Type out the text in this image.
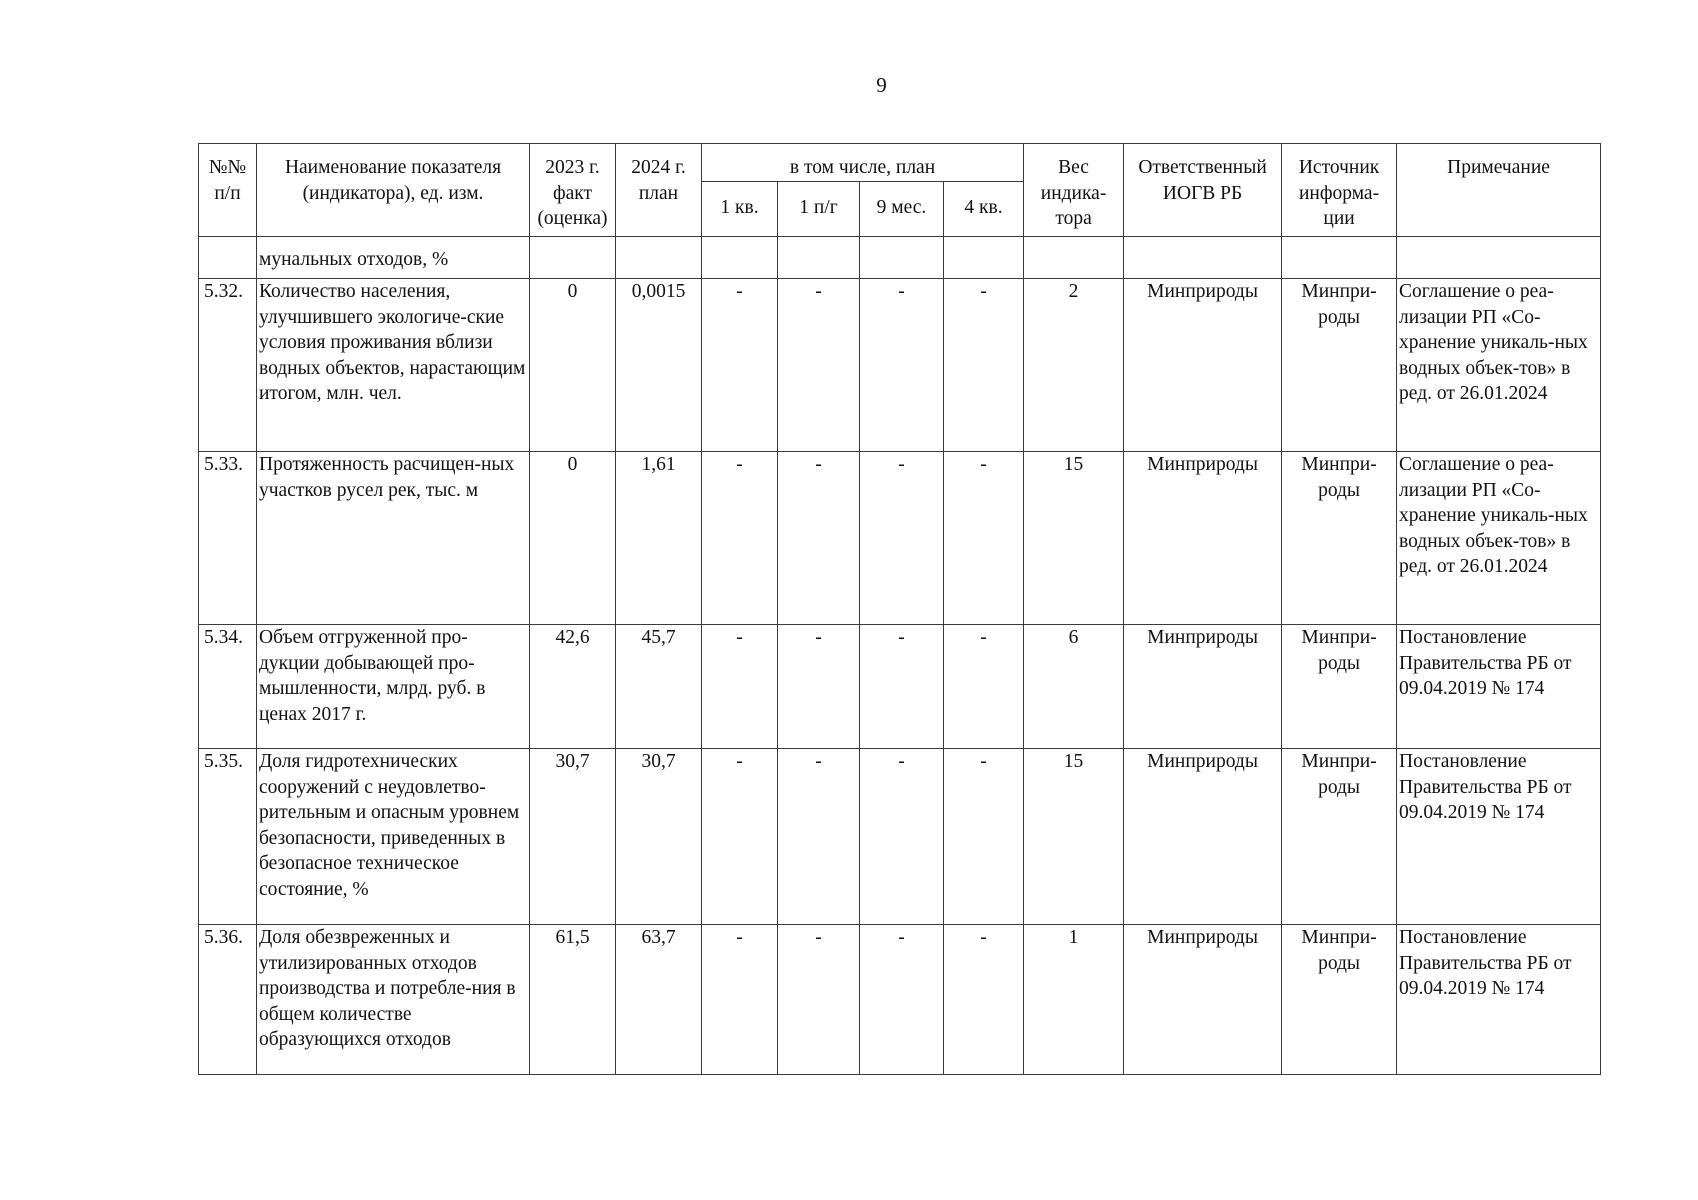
9
№№ п/п	Наименование показателя (индикатора), ед. изм.	2023 г. факт (оценка)	2024 г. план	в том числе, план				Вес индика-тора	Ответственный ИОГВ РБ	Источник информа-ции	Примечание
				1 кв.	1 п/г	9 мес.	4 кв.				
	мунальных отходов, %										
5.32.	Количество населения, улучшившего экологиче-ские условия проживания вблизи водных объектов, нарастающим итогом, млн. чел.	0	0,0015	-	-	-	-	2	Минприроды	Минпри-роды	Соглашение о реа-лизации РП «Со-хранение уникаль-ных водных объек-тов» в ред. от 26.01.2024
5.33.	Протяженность расчищен-ных участков русел рек, тыс. м	0	1,61	-	-	-	-	15	Минприроды	Минпри-роды	Соглашение о реа-лизации РП «Со-хранение уникаль-ных водных объек-тов» в ред. от 26.01.2024
5.34.	Объем отгруженной про-дукции добывающей про-мышленности, млрд. руб. в ценах 2017 г.	42,6	45,7	-	-	-	-	6	Минприроды	Минпри-роды	Постановление Правительства РБ от 09.04.2019 № 174
5.35.	Доля гидротехнических сооружений с неудовлетво-рительным и опасным уровнем безопасности, приведенных в безопасное техническое состояние, %	30,7	30,7	-	-	-	-	15	Минприроды	Минпри-роды	Постановление Правительства РБ от 09.04.2019 № 174
5.36.	Доля обезвреженных и утилизированных отходов производства и потребле-ния в общем количестве образующихся отходов	61,5	63,7	-	-	-	-	1	Минприроды	Минпри-роды	Постановление Правительства РБ от 09.04.2019 № 174
